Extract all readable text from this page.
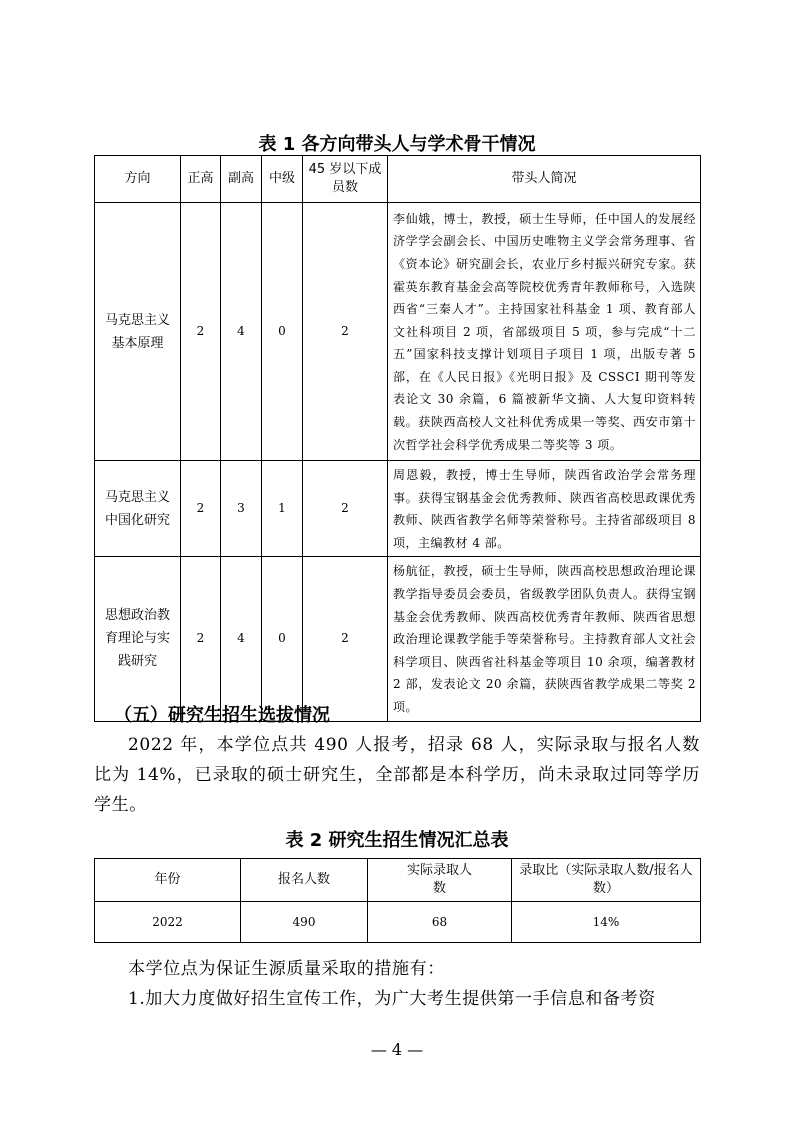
表 1 各方向带头人与学术骨干情况
方向	正高	副高	中级	45 岁以下成员数	带头人简况
马克思主义基本原理	2	4	0	2	李仙娥，博士，教授，硕士生导师，任中国人的发展经济学学会副会长、中国历史唯物主义学会常务理事、省《资本论》研究副会长，农业厅乡村振兴研究专家。获霍英东教育基金会高等院校优秀青年教师称号，入选陕西省“三秦人才”。主持国家社科基金 1 项、教育部人文社科项目 2 项，省部级项目 5 项，参与完成“十二五”国家科技支撑计划项目子项目 1 项，出版专著 5 部，在《人民日报》《光明日报》及 CSSCI 期刊等发表论文 30 余篇，6 篇被新华文摘、人大复印资料转载。获陕西高校人文社科优秀成果一等奖、西安市第十次哲学社会科学优秀成果二等奖等 3 项。
马克思主义中国化研究	2	3	1	2	周恩毅，教授，博士生导师，陕西省政治学会常务理事。获得宝钢基金会优秀教师、陕西省高校思政课优秀教师、陕西省教学名师等荣誉称号。主持省部级项目 8 项，主编教材 4 部。
思想政治教育理论与实践研究	2	4	0	2	杨航征，教授，硕士生导师，陕西高校思想政治理论课教学指导委员会委员，省级教学团队负责人。获得宝钢基金会优秀教师、陕西高校优秀青年教师、陕西省思想政治理论课教学能手等荣誉称号。主持教育部人文社会科学项目、陕西省社科基金等项目 10 余项，编著教材 2 部，发表论文 20 余篇，获陕西省教学成果二等奖 2 项。
（五）研究生招生选拔情况

2022 年，本学位点共 490 人报考，招录 68 人，实际录取与报名人数比为 14%，已录取的硕士研究生，全部都是本科学历，尚未录取过同等学历学生。

表 2 研究生招生情况汇总表
年份	报名人数	实际录取人数	录取比（实际录取人数/报名人数）
2022	490	68	14%

本学位点为保证生源质量采取的措施有：

1.加大力度做好招生宣传工作，为广大考生提供第一手信息和备考资

— 4 —
